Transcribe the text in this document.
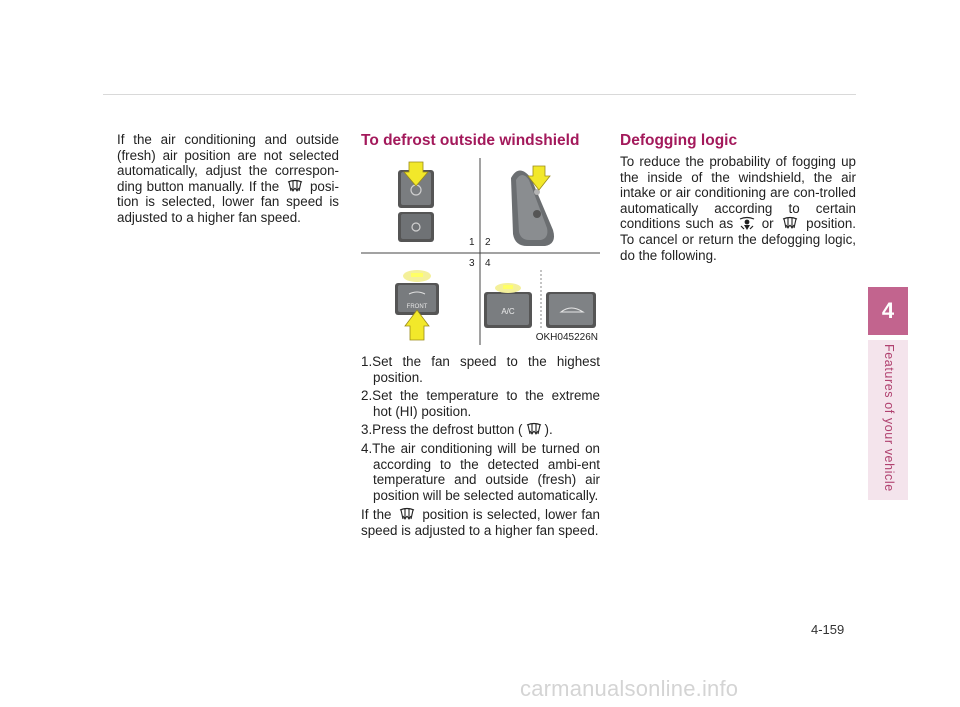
If the air conditioning and outside (fresh) air position are not selected automatically, adjust the correspon-ding button manually. If the posi-tion is selected, lower fan speed is adjusted to a higher fan speed.
To defrost outside windshield
1 2
3 4
FRONT	A/C
OKH045226N

1.Set the fan speed to the highest position.

2.Set the temperature to the extreme hot (HI) position.

3.Press the defrost button ( ).

4.The air conditioning will be turned on according to the detected ambi-ent temperature and outside (fresh) air position will be selected automatically.

If the position is selected, lower fan speed is adjusted to a higher fan speed.

Defogging logic
To reduce the probability of fogging up the inside of the windshield, the air intake or air conditioning are con-trolled automatically according to certain conditions such as or position. To cancel or return the defogging logic, do the following.
4
Features of your vehicle
4-159
carmanualsonline.info
